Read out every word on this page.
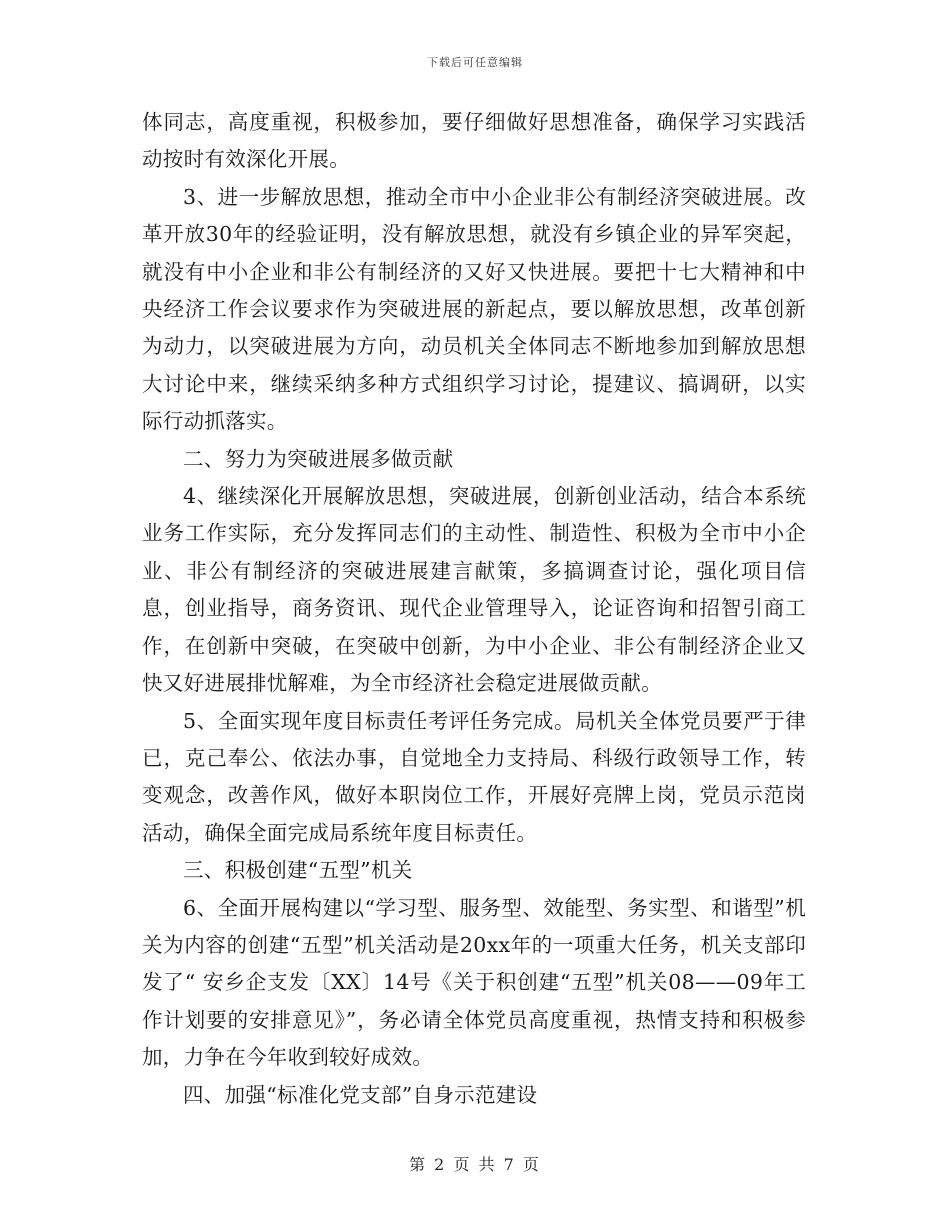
下载后可任意编辑

体同志，高度重视，积极参加，要仔细做好思想准备，确保学习实践活动按时有效深化开展。

3、进一步解放思想，推动全市中小企业非公有制经济突破进展。改革开放30年的经验证明，没有解放思想，就没有乡镇企业的异军突起，就没有中小企业和非公有制经济的又好又快进展。要把十七大精神和中央经济工作会议要求作为突破进展的新起点，要以解放思想，改革创新为动力，以突破进展为方向，动员机关全体同志不断地参加到解放思想大讨论中来，继续采纳多种方式组织学习讨论，提建议、搞调研，以实际行动抓落实。

二、努力为突破进展多做贡献

4、继续深化开展解放思想，突破进展，创新创业活动，结合本系统业务工作实际，充分发挥同志们的主动性、制造性、积极为全市中小企业、非公有制经济的突破进展建言献策，多搞调查讨论，强化项目信息，创业指导，商务资讯、现代企业管理导入，论证咨询和招智引商工作，在创新中突破，在突破中创新，为中小企业、非公有制经济企业又快又好进展排忧解难，为全市经济社会稳定进展做贡献。

5、全面实现年度目标责任考评任务完成。局机关全体党员要严于律已，克己奉公、依法办事，自觉地全力支持局、科级行政领导工作，转变观念，改善作风，做好本职岗位工作，开展好亮牌上岗，党员示范岗活动，确保全面完成局系统年度目标责任。

三、积极创建“五型”机关

6、全面开展构建以“学习型、服务型、效能型、务实型、和谐型”机关为内容的创建“五型”机关活动是20xx年的一项重大任务，机关支部印发了“ 安乡企支发〔XX〕14号《关于积创建“五型”机关08——09年工作计划要的安排意见》”，务必请全体党员高度重视，热情支持和积极参加，力争在今年收到较好成效。

四、加强“标准化党支部”自身示范建设

第 2 页 共 7 页
